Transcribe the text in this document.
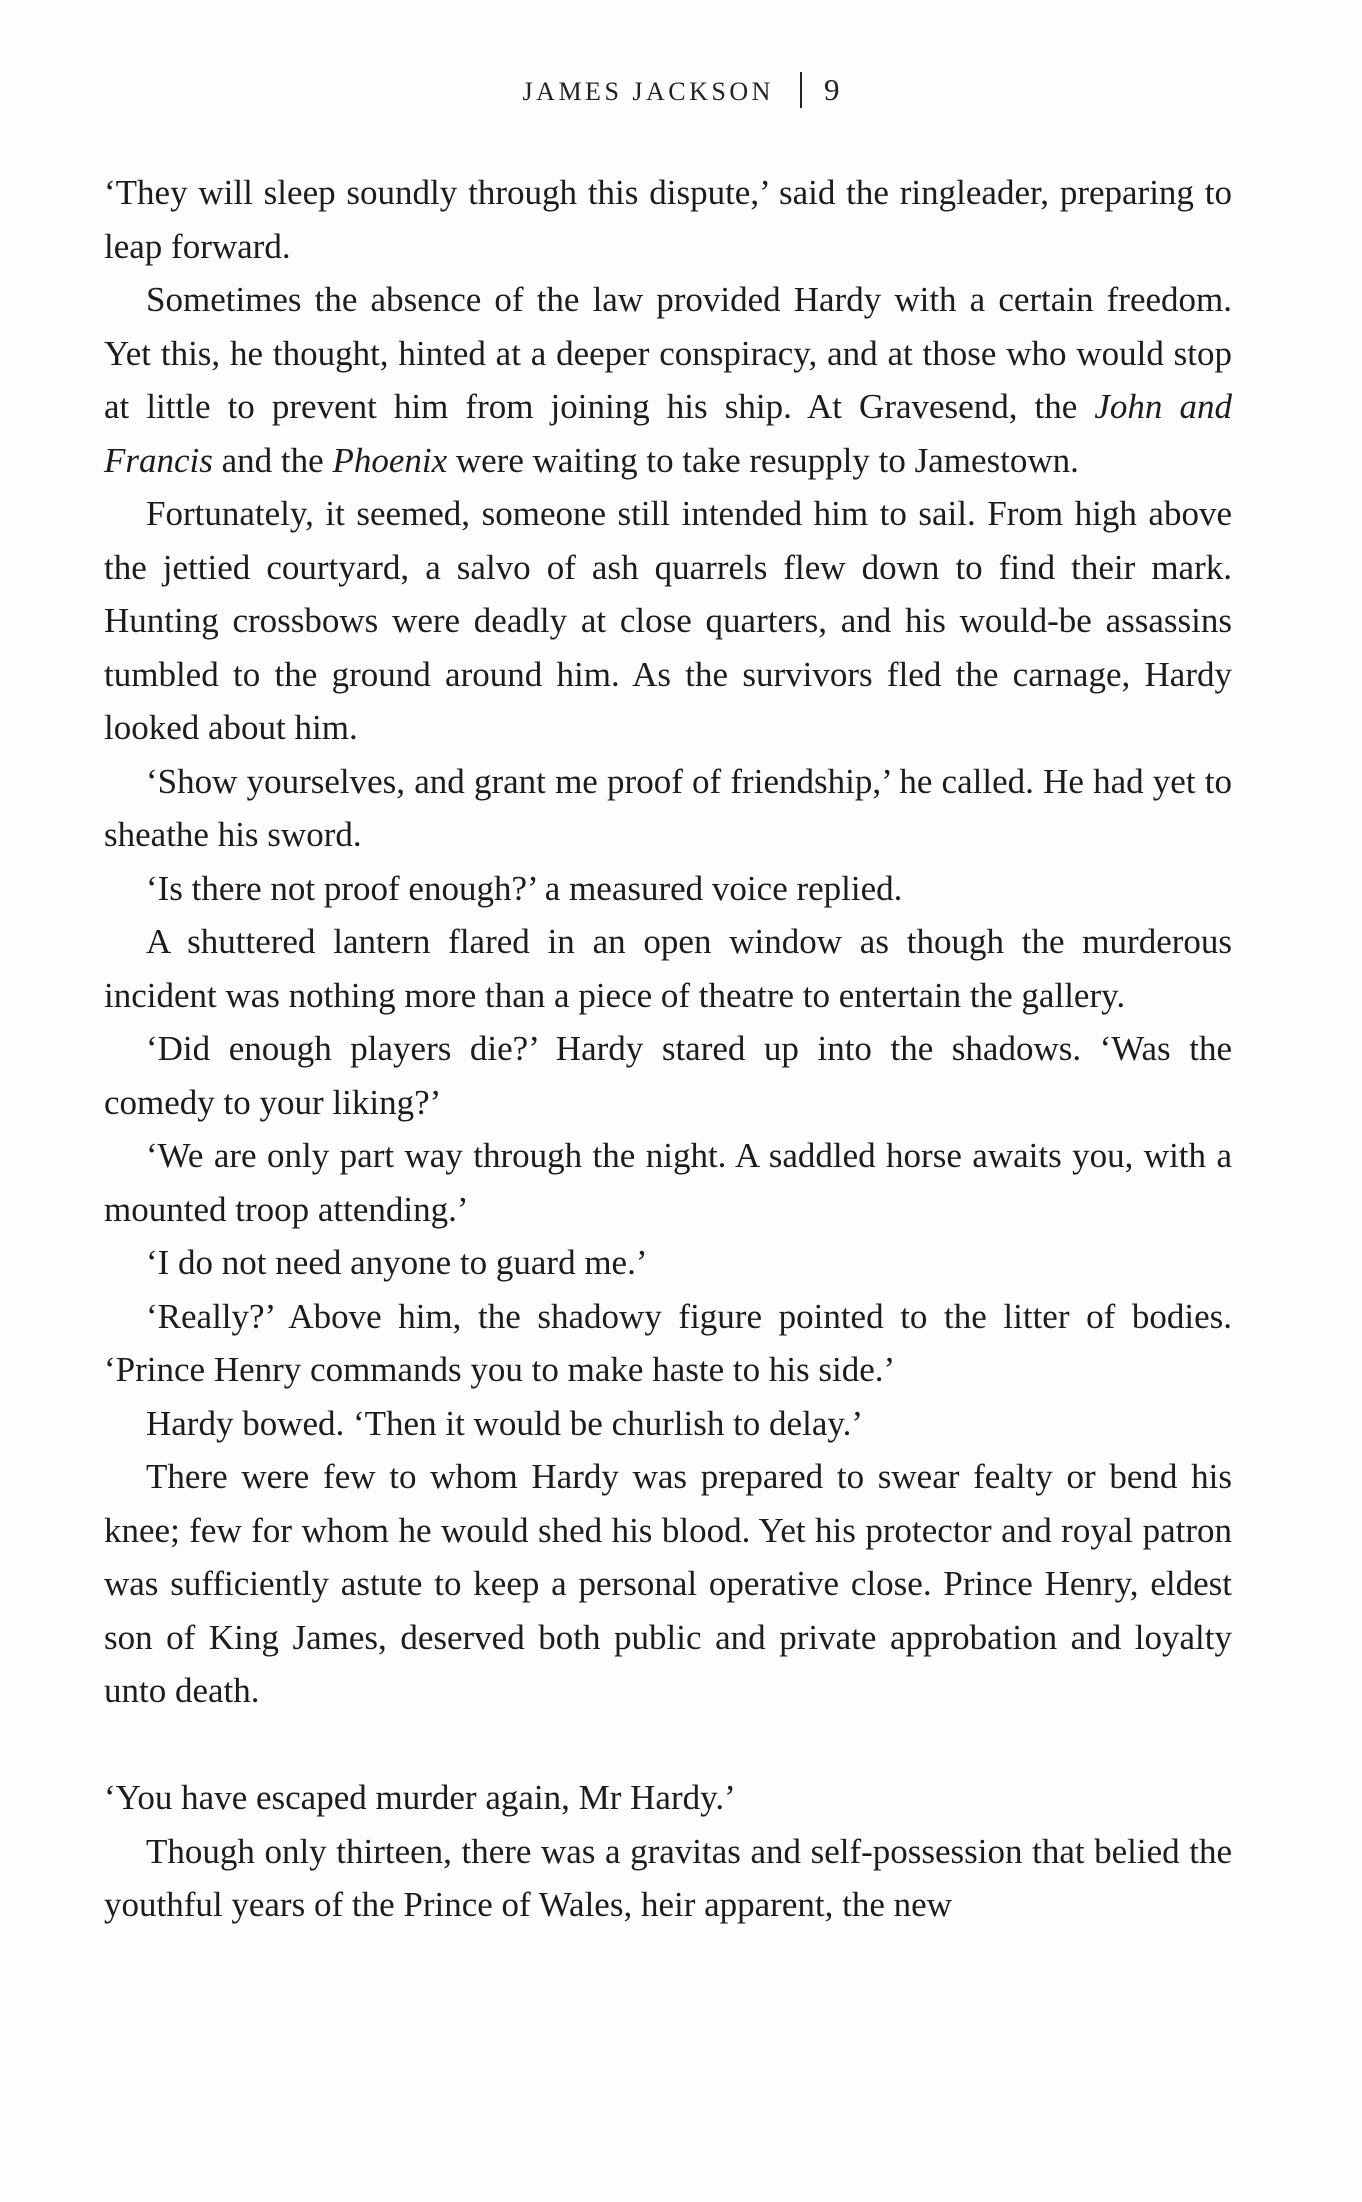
JAMES JACKSON 9

‘They will sleep soundly through this dispute,’ said the ringleader, preparing to leap forward.

Sometimes the absence of the law provided Hardy with a certain freedom. Yet this, he thought, hinted at a deeper conspiracy, and at those who would stop at little to prevent him from joining his ship. At Gravesend, the John and Francis and the Phoenix were waiting to take resupply to Jamestown.

Fortunately, it seemed, someone still intended him to sail. From high above the jettied courtyard, a salvo of ash quarrels flew down to find their mark. Hunting crossbows were deadly at close quarters, and his would-be assassins tumbled to the ground around him. As the survivors fled the carnage, Hardy looked about him.

‘Show yourselves, and grant me proof of friendship,’ he called. He had yet to sheathe his sword.

‘Is there not proof enough?’ a measured voice replied.

A shuttered lantern flared in an open window as though the murderous incident was nothing more than a piece of theatre to entertain the gallery.

‘Did enough players die?’ Hardy stared up into the shadows. ‘Was the comedy to your liking?’

‘We are only part way through the night. A saddled horse awaits you, with a mounted troop attending.’

‘I do not need anyone to guard me.’

‘Really?’ Above him, the shadowy figure pointed to the litter of bodies. ‘Prince Henry commands you to make haste to his side.’

Hardy bowed. ‘Then it would be churlish to delay.’

There were few to whom Hardy was prepared to swear fealty or bend his knee; few for whom he would shed his blood. Yet his protector and royal patron was sufficiently astute to keep a personal operative close. Prince Henry, eldest son of King James, deserved both public and private approbation and loyalty unto death.

‘You have escaped murder again, Mr Hardy.’

Though only thirteen, there was a gravitas and self-possession that belied the youthful years of the Prince of Wales, heir apparent, the new
